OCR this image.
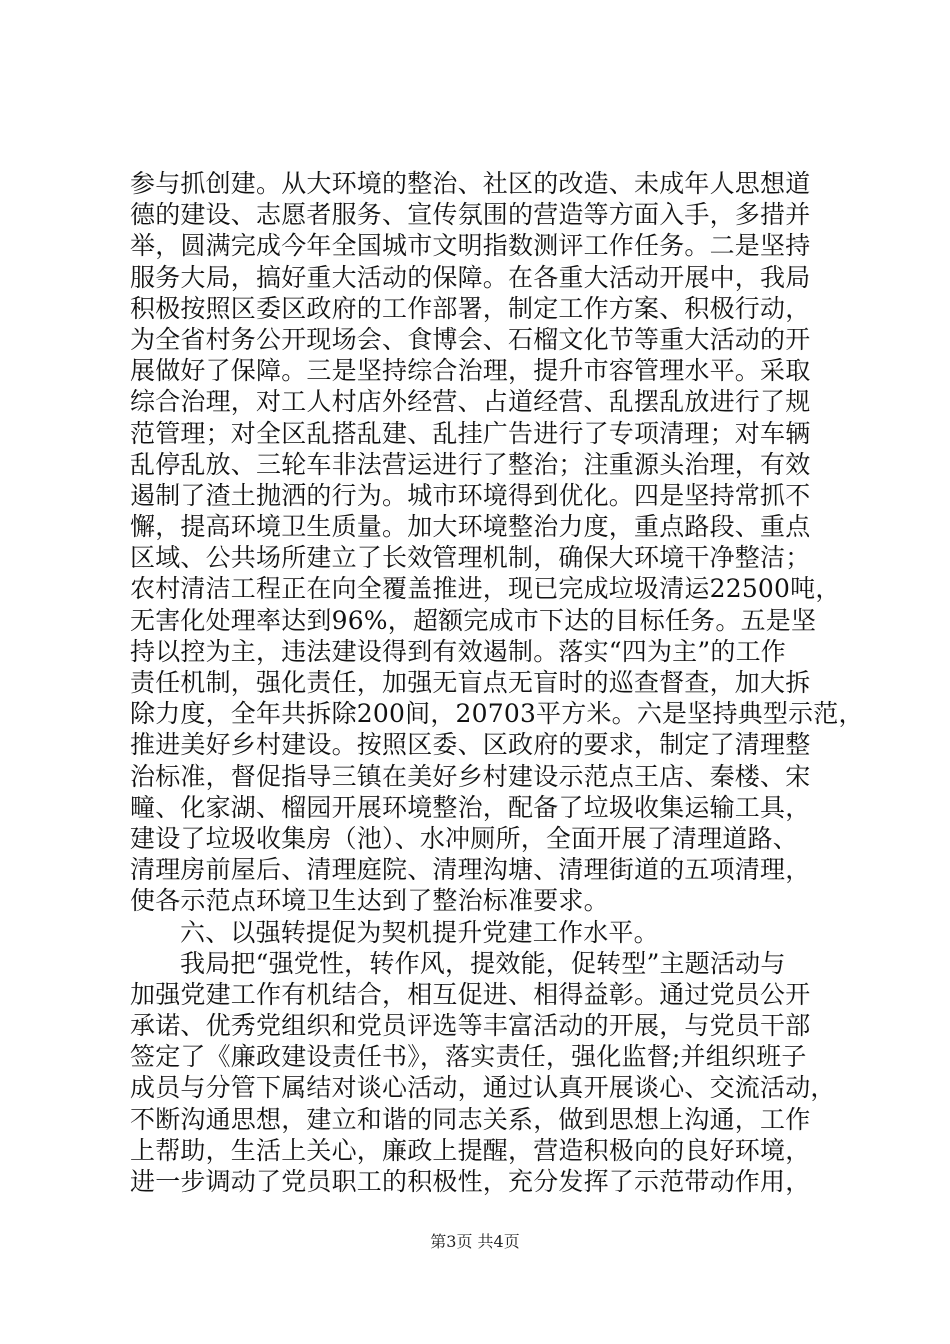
参与抓创建。从大环境的整治、社区的改造、未成年人思想道
德的建设、志愿者服务、宣传氛围的营造等方面入手，多措并
举，圆满完成今年全国城市文明指数测评工作任务。二是坚持
服务大局，搞好重大活动的保障。在各重大活动开展中，我局
积极按照区委区政府的工作部署，制定工作方案、积极行动，
为全省村务公开现场会、食博会、石榴文化节等重大活动的开
展做好了保障。三是坚持综合治理，提升市容管理水平。采取
综合治理，对工人村店外经营、占道经营、乱摆乱放进行了规
范管理；对全区乱搭乱建、乱挂广告进行了专项清理；对车辆
乱停乱放、三轮车非法营运进行了整治；注重源头治理，有效
遏制了渣土抛洒的行为。城市环境得到优化。四是坚持常抓不
懈，提高环境卫生质量。加大环境整治力度，重点路段、重点
区域、公共场所建立了长效管理机制，确保大环境干净整洁；
农村清洁工程正在向全覆盖推进，现已完成垃圾清运22500吨，
无害化处理率达到96%，超额完成市下达的目标任务。五是坚
持以控为主，违法建设得到有效遏制。落实“四为主”的工作
责任机制，强化责任，加强无盲点无盲时的巡查督查，加大拆
除力度，全年共拆除200间，20703平方米。六是坚持典型示范，
推进美好乡村建设。按照区委、区政府的要求，制定了清理整
治标准，督促指导三镇在美好乡村建设示范点王店、秦楼、宋
疃、化家湖、榴园开展环境整治，配备了垃圾收集运输工具，
建设了垃圾收集房（池）、水冲厕所，全面开展了清理道路、
清理房前屋后、清理庭院、清理沟塘、清理街道的五项清理，
使各示范点环境卫生达到了整治标准要求。
六、以强转提促为契机提升党建工作水平。
我局把“强党性，转作风，提效能，促转型”主题活动与
加强党建工作有机结合，相互促进、相得益彰。通过党员公开
承诺、优秀党组织和党员评选等丰富活动的开展，与党员干部
签定了《廉政建设责任书》，落实责任，强化监督;并组织班子
成员与分管下属结对谈心活动，通过认真开展谈心、交流活动，
不断沟通思想，建立和谐的同志关系，做到思想上沟通，工作
上帮助，生活上关心，廉政上提醒，营造积极向的良好环境，
进一步调动了党员职工的积极性，充分发挥了示范带动作用，
第3页 共4页
